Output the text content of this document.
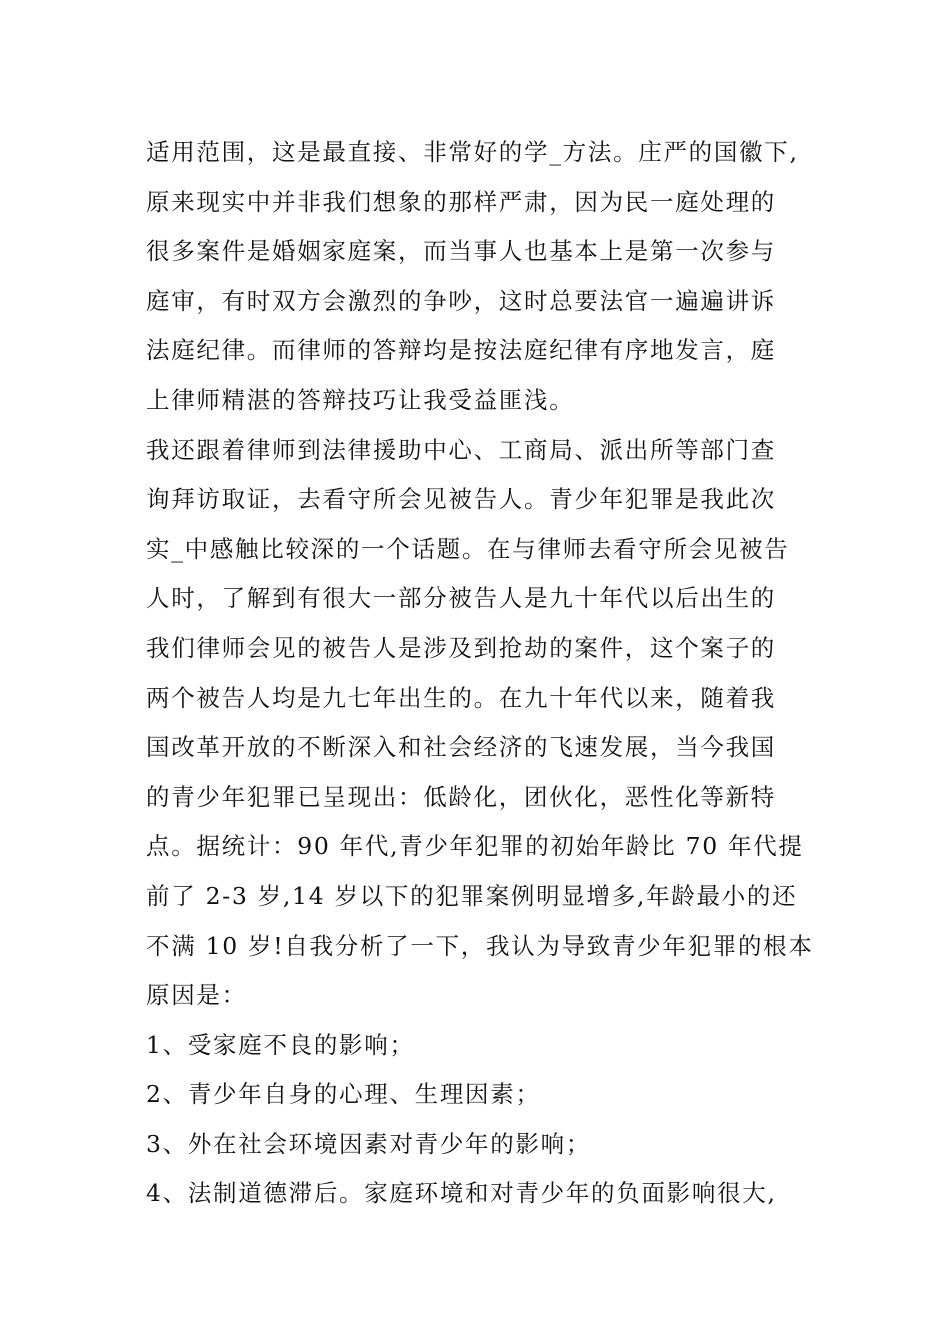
适用范围，这是最直接、非常好的学_方法。庄严的国徽下,
原来现实中并非我们想象的那样严肃，因为民一庭处理的
很多案件是婚姻家庭案，而当事人也基本上是第一次参与
庭审，有时双方会激烈的争吵，这时总要法官一遍遍讲诉
法庭纪律。而律师的答辩均是按法庭纪律有序地发言，庭
上律师精湛的答辩技巧让我受益匪浅。
我还跟着律师到法律援助中心、工商局、派出所等部门查
询拜访取证，去看守所会见被告人。青少年犯罪是我此次
实_中感触比较深的一个话题。在与律师去看守所会见被告
人时，了解到有很大一部分被告人是九十年代以后出生的
我们律师会见的被告人是涉及到抢劫的案件，这个案子的
两个被告人均是九七年出生的。在九十年代以来，随着我
国改革开放的不断深入和社会经济的飞速发展，当今我国
的青少年犯罪已呈现出：低龄化，团伙化，恶性化等新特
点。据统计：90 年代,青少年犯罪的初始年龄比 70 年代提
前了 2-3 岁,14 岁以下的犯罪案例明显增多,年龄最小的还
不满 10 岁!自我分析了一下，我认为导致青少年犯罪的根本
原因是：
1、受家庭不良的影响；
2、青少年自身的心理、生理因素；
3、外在社会环境因素对青少年的影响；
4、法制道德滞后。家庭环境和对青少年的负面影响很大,
